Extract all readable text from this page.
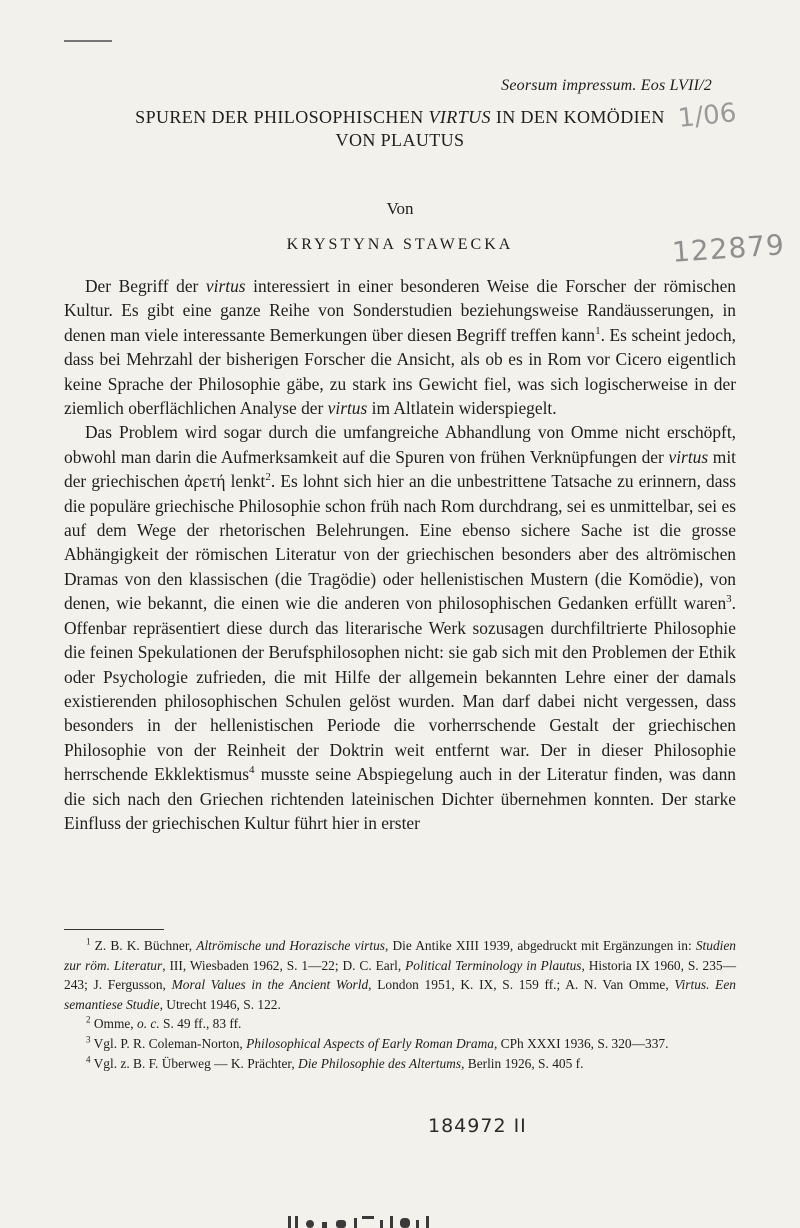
Seorsum impressum. Eos LVII/2
SPUREN DER PHILOSOPHISCHEN VIRTUS IN DEN KOMÖDIEN
VON PLAUTUS
1/06
Von
KRYSTYNA STAWECKA	122879

Der Begriff der virtus interessiert in einer besonderen Weise die Forscher der römischen Kultur. Es gibt eine ganze Reihe von Sonderstudien beziehungsweise Randäusserungen, in denen man viele interessante Bemerkungen über diesen Begriff treffen kann$^1$. Es scheint jedoch, dass bei Mehrzahl der bisherigen Forscher die Ansicht, als ob es in Rom vor Cicero eigentlich keine Sprache der Philosophie gäbe, zu stark ins Gewicht fiel, was sich logischerweise in der ziemlich oberflächlichen Analyse der virtus im Altlatein widerspiegelt.

Das Problem wird sogar durch die umfangreiche Abhandlung von Omme nicht erschöpft, obwohl man darin die Aufmerksamkeit auf die Spuren von frühen Verknüpfungen der virtus mit der griechischen ἀρετή lenkt$^2$. Es lohnt sich hier an die unbestrittene Tatsache zu erinnern, dass die populäre griechische Philosophie schon früh nach Rom durchdrang, sei es unmittelbar, sei es auf dem Wege der rhetorischen Belehrungen. Eine ebenso sichere Sache ist die grosse Abhängigkeit der römischen Literatur von der griechischen besonders aber des altrömischen Dramas von den klassischen (die Tragödie) oder hellenistischen Mustern (die Komödie), von denen, wie bekannt, die einen wie die anderen von philosophischen Gedanken erfüllt waren$^3$. Offenbar repräsentiert diese durch das literarische Werk sozusagen durchfiltrierte Philosophie die feinen Spekulationen der Berufsphilosophen nicht: sie gab sich mit den Problemen der Ethik oder Psychologie zufrieden, die mit Hilfe der allgemein bekannten Lehre einer der damals existierenden philosophischen Schulen gelöst wurden. Man darf dabei nicht vergessen, dass besonders in der hellenistischen Periode die vorherrschende Gestalt der griechischen Philosophie von der Reinheit der Doktrin weit entfernt war. Der in dieser Philosophie herrschende Ekklektismus$^4$ musste seine Abspiegelung auch in der Literatur finden, was dann die sich nach den Griechen richtenden lateinischen Dichter übernehmen konnten. Der starke Einfluss der griechischen Kultur führt hier in erster

$^1$ Z. B. K. Büchner, Altrömische und Horazische virtus, Die Antike XIII 1939, abgedruckt mit Ergänzungen in: Studien zur röm. Literatur, III, Wiesbaden 1962, S. 1—22; D. C. Earl, Political Terminology in Plautus, Historia IX 1960, S. 235—243; J. Fergusson, Moral Values in the Ancient World, London 1951, K. IX, S. 159 ff.; A. N. Van Omme, Virtus. Een semantiese Studie, Utrecht 1946, S. 122.

$^2$ Omme, o. c. S. 49 ff., 83 ff.

$^3$ Vgl. P. R. Coleman-Norton, Philosophical Aspects of Early Roman Drama, CPh XXXI 1936, S. 320—337.

$^4$ Vgl. z. B. F. Überweg — K. Prächter, Die Philosophie des Altertums, Berlin 1926, S. 405 f.

184972 II
